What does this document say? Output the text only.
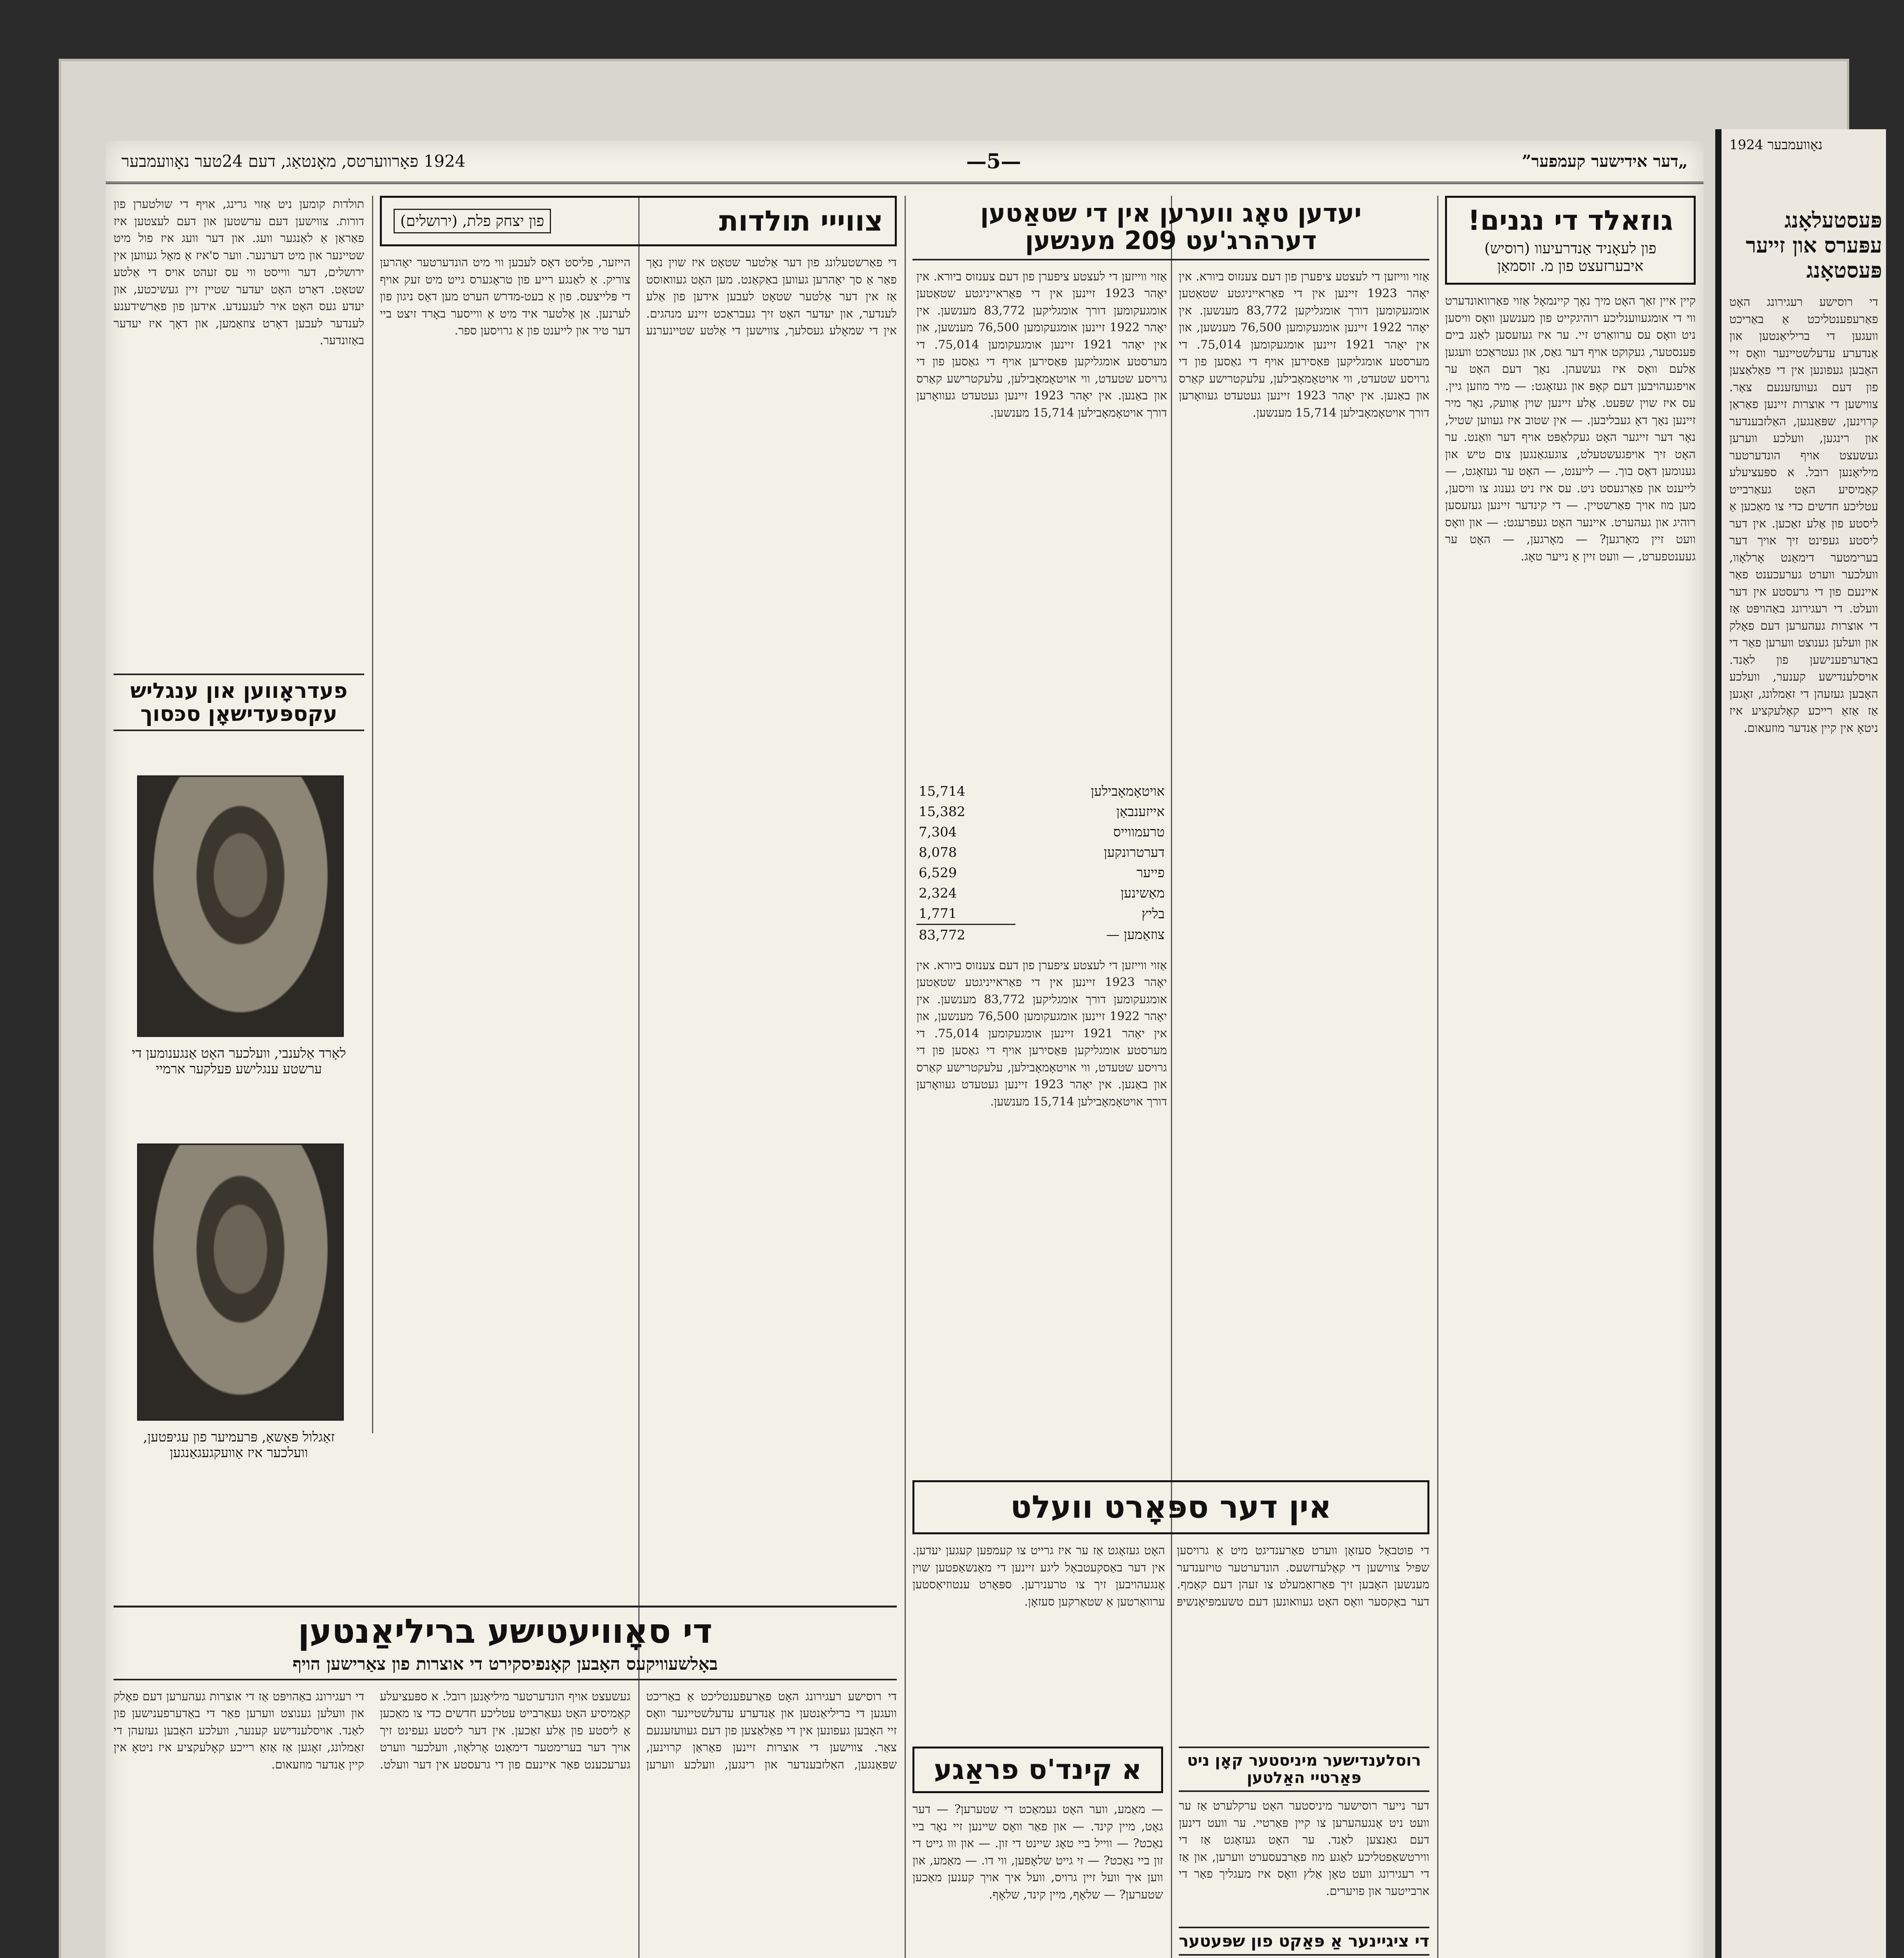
1924 נאָוועמבער
פּעסטעלאָנג עפּערס און זייער פּעסטאָנג
די רוסישע רעגירונג האָט פאַרעפענטליכט אַ באַריכט וועגען די בריליאַנטען און אַנדערע עדעלשטיינער וואָס זיי האָבען געפונען אין די פאַלאַצען פון דעם געוועזענעם צאַר. צווישען די אוצרות זיינען פאַראַן קרוינען, שפּאַנגען, האַלזבענדער און רינגען, וועלכע ווערען געשעצט אויף הונדערטער מיליאָנען רובל. א ספּעציעלע קאָמיסיע האָט געאַרבייט עטליכע חדשים כדי צו מאַכען אַ ליסטע פון אַלע זאַכען. אין דער ליסטע געפינט זיך אויך דער בערימטער דימאַנט אָרלאָוו, וועלכער ווערט גערעכענט פאַר איינעם פון די גרעסטע אין דער וועלט. די רעגירונג באַהויפּט אַז די אוצרות געהערען דעם פאָלק און וועלען גענוצט ווערען פאַר די באַדערפענישען פון לאַנד. אויסלענדישע קענער, וועלכע האָבען געזעהן די זאַמלונג, זאָגען אַז אַזאַ רייכע קאָלעקציע איז ניטאָ אין קיין אַנדער מוזעאום.
1924 פאָרווערטס, מאָנטאַג, דעם 24טער נאָוועמבער	—5—	„דער אידישער קעמפער”
גוזאלד די נגנים!
פון לעאָניד אַנדרעיעוו (רוסיש) איבערזעצט פון מ. זוסמאַן
קיין איין זאַך האָט מיך נאָך קיינמאָל אַזוי פאַרוואונדערט ווי די אומגעווענליכע רוהיגקייט פון מענשען וואָס וויסען ניט וואָס עס ערוואַרט זיי. ער איז געזעסען לאַנג ביים פענסטער, געקוקט אויף דער גאַס, און געטראַכט וועגען אַלעם וואָס איז געשעהן. נאָך דעם האָט ער אויפגעהויבען דעם קאָפּ און געזאָגט: — מיר מוזען גיין. עס איז שוין שפּעט. אַלע זיינען שוין אַוועק, נאָר מיר זיינען נאָך דאָ געבליבען. — אין שטוב איז געווען שטיל, נאָר דער זייגער האָט געקלאַפּט אויף דער וואַנט. ער האָט זיך אויפגעשטעלט, צוגעגאַנגען צום טיש און גענומען דאָס בוך. — לייענט, — האָט ער געזאָגט, — לייענט און פאַרגעסט ניט. עס איז ניט גענוג צו וויסען, מען מוז אויך פאַרשטיין. — די קינדער זיינען געזעסען רוהיג און געהערט. איינער האָט געפרעגט: — און וואָס וועט זיין מאָרגען? — מאָרגען, — האָט ער געענטפערט, — וועט זיין אַ נייער טאָג.
יעדען טאָג ווערען אין די שטאַטען דערהרג'עט 209 מענשען
אַזוי ווייזען די לעצטע ציפערן פון דעם צענזוס ביורא. אין יאָהר 1923 זיינען אין די פאַראייניגטע שטאַטען אומגעקומען דורך אומגליקען 83,772 מענשען. אין יאָהר 1922 זיינען אומגעקומען 76,500 מענשען, און אין יאָהר 1921 זיינען אומגעקומען 75,014. די מערסטע אומגליקען פּאַסירען אויף די גאַסען פון די גרויסע שטעדט, ווי אויטאָמאָבילען, עלעקטרישע קאַרס און באַנען. אין יאָהר 1923 זיינען געטעדט געוואָרען דורך אויטאָמאָבילען 15,714 מענשען.
אַזוי ווייזען די לעצטע ציפערן פון דעם צענזוס ביורא. אין יאָהר 1923 זיינען אין די פאַראייניגטע שטאַטען אומגעקומען דורך אומגליקען 83,772 מענשען. אין יאָהר 1922 זיינען אומגעקומען 76,500 מענשען, און אין יאָהר 1921 זיינען אומגעקומען 75,014. די מערסטע אומגליקען פּאַסירען אויף די גאַסען פון די גרויסע שטעדט, ווי אויטאָמאָבילען, עלעקטרישע קאַרס און באַנען. אין יאָהר 1923 זיינען געטעדט געוואָרען דורך אויטאָמאָבילען 15,714 מענשען.
אויטאָמאָבילען	15,714
אייזענבאַן	15,382
טרעמווייס	7,304
דערטרונקען	8,078
פייער	6,529
מאַשינען	2,324
בליץ	1,771
צוזאַמען —	83,772
אַזוי ווייזען די לעצטע ציפערן פון דעם צענזוס ביורא. אין יאָהר 1923 זיינען אין די פאַראייניגטע שטאַטען אומגעקומען דורך אומגליקען 83,772 מענשען. אין יאָהר 1922 זיינען אומגעקומען 76,500 מענשען, און אין יאָהר 1921 זיינען אומגעקומען 75,014. די מערסטע אומגליקען פּאַסירען אויף די גאַסען פון די גרויסע שטעדט, ווי אויטאָמאָבילען, עלעקטרישע קאַרס און באַנען. אין יאָהר 1923 זיינען געטעדט געוואָרען דורך אויטאָמאָבילען 15,714 מענשען.
אין דער ספּאָרט וועלט
די פוטבאָל סעזאָן ווערט פאַרענדיגט מיט אַ גרויסען שפּיל צווישען די קאַלעדזשעס. הונדערטער טויזענדער מענשען האָבען זיך פאַרזאַמעלט צו זעהן דעם קאַמף. דער באָקסער וואָס האָט געוואונען דעם טשעמפּיאָנשיפּ האָט געזאָגט אַז ער איז גרייט צו קעמפען קעגען יעדען. אין דער באַסקעטבאָל ליגע זיינען די מאַנשאַפטען שוין אָנגעהויבען זיך צו טרענירען. ספּאָרט ענטוזיאַסטען ערוואַרטען אַ שטאַרקען סעזאָן.
רוסלענדישער מיניסטער קאָן ניט פּאַרטיי האַלטען
דער נייער רוסישער מיניסטער האָט ערקלערט אַז ער וועט ניט אָנגעהערען צו קיין פּאַרטיי. ער וועט דינען דעם גאַנצען לאַנד. ער האָט געזאָגט אַז די ווירטשאַפטליכע לאַגע מוז פאַרבעסערט ווערען, און אַז די רעגירונג וועט טאָן אַלץ וואָס איז מעגליך פאַר די ארבייטער און פויערים.
די ציגיינער אַ פּאַקט פון שפּעטער
א קינד'ס פראַגע
— מאַמע, ווער האָט געמאַכט די שטערען? — דער גאָט, מיין קינד. — און פאַר וואָס שיינען זיי נאָר ביי נאַכט? — ווייל ביי טאָג שיינט די זון. — און ווו גייט די זון ביי נאַכט? — זי גייט שלאָפען, ווי דו. — מאַמע, און ווען איך וועל זיין גרויס, וועל איך אויך קענען מאַכען שטערען? — שלאָף, מיין קינד, שלאָף.
צווייי תולדות
פון יצחק פלת, (ירושלים)
די פאַרשטעלונג פון דער אַלטער שטאָט איז שוין נאָך פאַר אַ סך יאָהרען געווען באַקאַנט. מען האָט געוואוסט אַז אין דער אַלטער שטאָט לעבען אידען פון אַלע לענדער, און יעדער האָט זיך געבראַכט זיינע מנהגים. אין די שמאָלע געסלעך, צווישען די אַלטע שטיינערנע הייזער, פליסט דאָס לעבען ווי מיט הונדערטער יאָהרען צוריק. אַ לאַנגע רייע פון טראָגערס גייט מיט זעק אויף די פּלייצעס. פון אַ בעט-מדרש הערט מען דאָס ניגון פון לערנען. אַן אַלטער איד מיט אַ ווייסער באָרד זיצט ביי דער טיר און לייענט פון אַ גרויסען ספר.
די סאָוויעטישע בריליאַנטען
באָלשעוויקעס האָבען קאָנפיסקירט די אוצרות פון צאַרישען הויף
די רוסישע רעגירונג האָט פאַרעפענטליכט אַ באַריכט וועגען די בריליאַנטען און אַנדערע עדעלשטיינער וואָס זיי האָבען געפונען אין די פאַלאַצען פון דעם געוועזענעם צאַר. צווישען די אוצרות זיינען פאַראַן קרוינען, שפּאַנגען, האַלזבענדער און רינגען, וועלכע ווערען געשעצט אויף הונדערטער מיליאָנען רובל. א ספּעציעלע קאָמיסיע האָט געאַרבייט עטליכע חדשים כדי צו מאַכען אַ ליסטע פון אַלע זאַכען. אין דער ליסטע געפינט זיך אויך דער בערימטער דימאַנט אָרלאָוו, וועלכער ווערט גערעכענט פאַר איינעם פון די גרעסטע אין דער וועלט. די רעגירונג באַהויפּט אַז די אוצרות געהערען דעם פאָלק און וועלען גענוצט ווערען פאַר די באַדערפענישען פון לאַנד. אויסלענדישע קענער, וועלכע האָבען געזעהן די זאַמלונג, זאָגען אַז אַזאַ רייכע קאָלעקציע איז ניטאָ אין קיין אַנדער מוזעאום.
תולדות קומען ניט אַזוי גרינג, אויף די שולטערן פון דורות. צווישען דעם ערשטען און דעם לעצטען איז פאַראַן אַ לאַנגער וועג. און דער וועג איז פול מיט שטיינער און מיט דערנער. ווער ס'איז אַ מאָל געווען אין ירושלים, דער ווייסט ווי עס זעהט אויס די אַלטע שטאָט. דאָרט האָט יעדער שטיין זיין געשיכטע, און יעדע געס האָט איר לעגענדע. אידען פון פאַרשידענע לענדער לעבען דאָרט צוזאַמען, און דאָך איז יעדער באַזונדער.
פעדראָווען און ענגליש עקספּעדישאָן סכּסוך
לאָרד אַלענבי, וועלכער האָט אַנגענומען די ערשטע ענגלישע פעלקער ארמיי
זאַגלול פּאַשאַ, פּרעמיער פון עגיפּטען, וועלכער איז אַוועקגעגאַנגען
